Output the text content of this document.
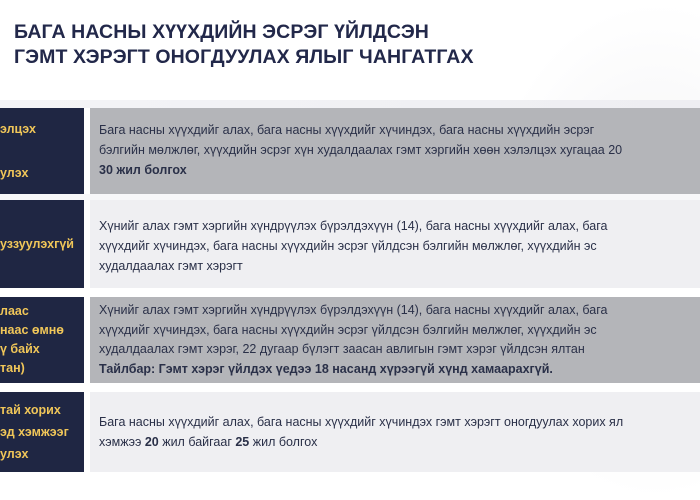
БАГА НАСНЫ ХҮҮХДИЙН ЭСРЭГ ҮЙЛДСЭН
ГЭМТ ХЭРЭГТ ОНОГДУУЛАХ ЯЛЫГ ЧАНГАТГАХ
элцэх

улэх
Бага насны хүүхдийг алах, бага насны хүүхдийг хүчиндэх, бага насны хүүхдийн эсрэг
бэлгийн мөлжлөг, хүүхдийн эсрэг хүн худалдаалах гэмт хэргийн хөөн хэлэлцэх хугацаа 20
30 жил болгох
уззуулэхгүй
Хүнийг алах гэмт хэргийн хүндрүүлэх бүрэлдэхүүн (14), бага насны хүүхдийг алах, бага
хүүхдийг хүчиндэх, бага насны хүүхдийн эсрэг үйлдсэн бэлгийн мөлжлөг, хүүхдийн эс
худалдаалах гэмт хэрэгт
лаас
наас өмнө
ү байх
тан)
Хүнийг алах гэмт хэргийн хүндрүүлэх бүрэлдэхүүн (14), бага насны хүүхдийг алах, бага
хүүхдийг хүчиндэх, бага насны хүүхдийн эсрэг үйлдсэн бэлгийн мөлжлөг, хүүхдийн эс
худалдаалах гэмт хэрэг, 22 дугаар бүлэгт заасан авлигын гэмт хэрэг үйлдсэн ялтан
Тайлбар: Гэмт хэрэг үйлдэх үедээ 18 насанд хүрээгүй хүнд хамаарахгүй.
тай хорих
эд хэмжээг
улэх
Бага насны хүүхдийг алах, бага насны хүүхдийг хүчиндэх гэмт хэрэгт оногдуулах хорих ял
хэмжээ 20 жил байгааг 25 жил болгох
